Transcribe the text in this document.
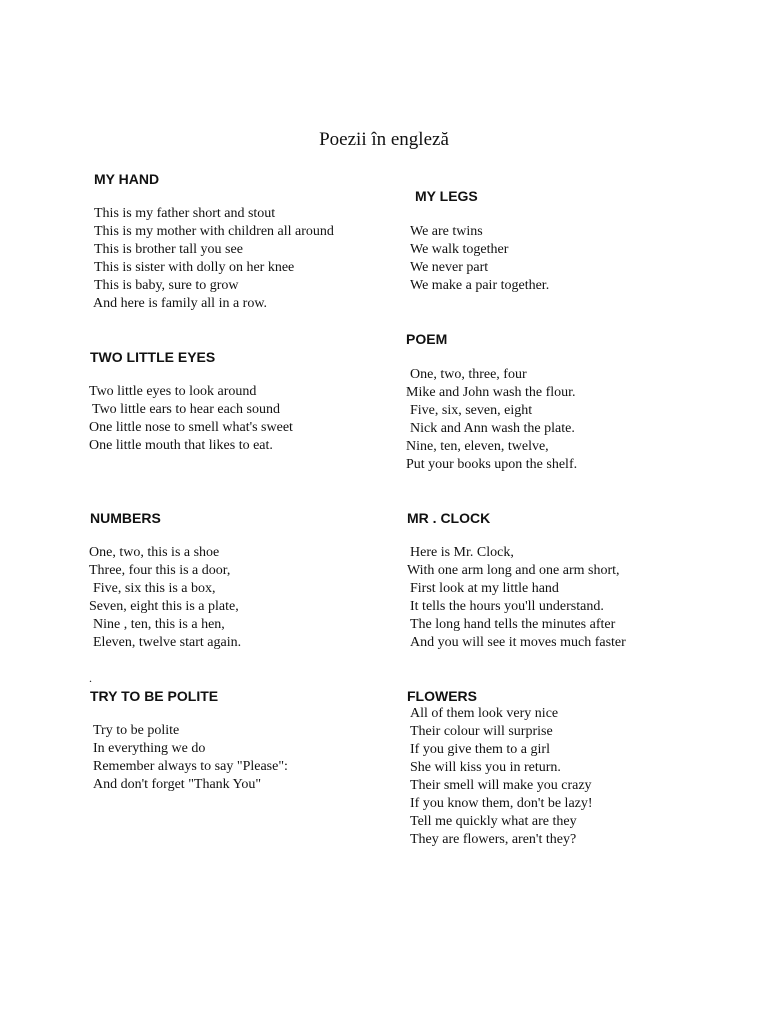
Poezii în engleză
MY HAND
This is my father short and stout
This is my mother with children all around
This is brother tall you see
This is sister with dolly on her knee
This is baby, sure to grow
And here is family all in a row.
MY LEGS
We are twins
We walk together
We never part
We make a pair together.
TWO LITTLE EYES
Two little eyes to look around
Two little ears to hear each sound
One little nose to smell what's sweet
One little mouth that likes to eat.
POEM
One, two, three, four
Mike and John wash the flour.
Five, six, seven, eight
Nick and Ann wash the plate.
Nine, ten, eleven, twelve,
Put your books upon the shelf.
NUMBERS
One, two, this is a shoe
Three, four this is a door,
Five, six this is a box,
Seven, eight this is a plate,
Nine , ten, this is a hen,
Eleven, twelve start again.
MR . CLOCK
Here is Mr. Clock,
With one arm long and one arm short,
First look at my little hand
It tells the hours you'll understand.
The long hand tells the minutes after
And you will see it moves much faster
.
TRY TO BE POLITE
Try to be polite
In everything we do
Remember always to say "Please":
And don't forget "Thank You"
FLOWERS
All of them look very nice
Their colour will surprise
If you give them to a girl
She will kiss you in return.
Their smell will make you crazy
If you know them, don't be lazy!
Tell me quickly what are they
They are flowers, aren't they?
